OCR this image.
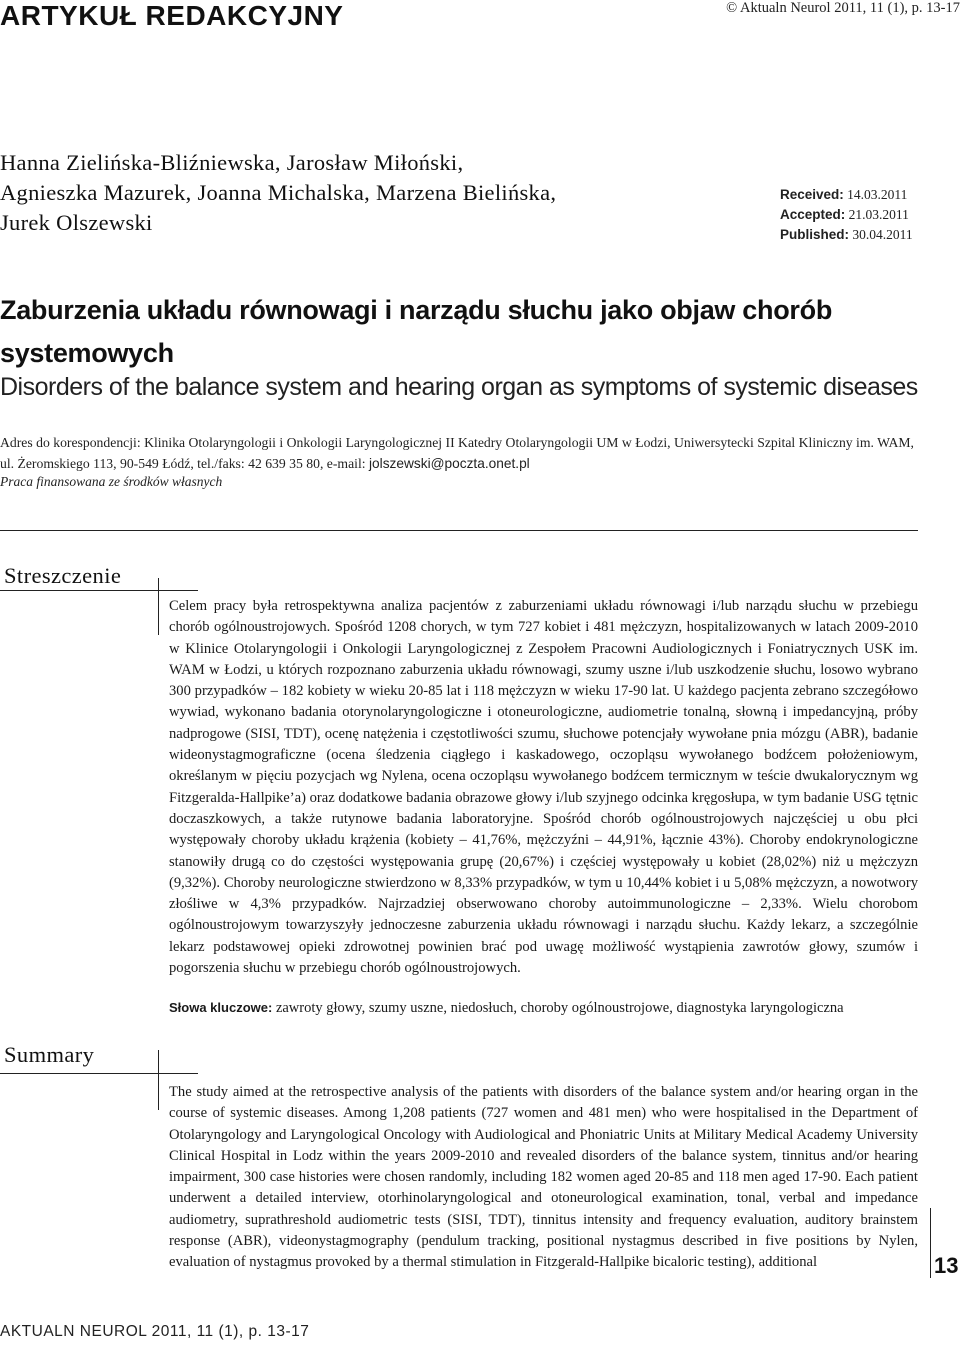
ARTYKUŁ REDAKCYJNY	© Aktualn Neurol 2011, 11 (1), p. 13-17
Hanna Zielińska-Bliźniewska, Jarosław Miłoński,
Agnieszka Mazurek, Joanna Michalska, Marzena Bielińska,
Jurek Olszewski
Received: 14.03.2011
Accepted: 21.03.2011
Published: 30.04.2011
Zaburzenia układu równowagi i narządu słuchu jako objaw chorób systemowych
Disorders of the balance system and hearing organ as symptoms of systemic diseases
Adres do korespondencji: Klinika Otolaryngologii i Onkologii Laryngologicznej II Katedry Otolaryngologii UM w Łodzi, Uniwersytecki Szpital Kliniczny im. WAM, ul. Żeromskiego 113, 90-549 Łódź, tel./faks: 42 639 35 80, e-mail: jolszewski@poczta.onet.pl
Praca finansowana ze środków własnych
Streszczenie
Celem pracy była retrospektywna analiza pacjentów z zaburzeniami układu równowagi i/lub narządu słuchu w przebiegu chorób ogólnoustrojowych. Spośród 1208 chorych, w tym 727 kobiet i 481 mężczyzn, hospitalizowanych w latach 2009-2010 w Klinice Otolaryngologii i Onkologii Laryngologicznej z Zespołem Pracowni Audiologicznych i Foniatrycznych USK im. WAM w Łodzi, u których rozpoznano zaburzenia układu równowagi, szumy uszne i/lub uszkodzenie słuchu, losowo wybrano 300 przypadków – 182 kobiety w wieku 20-85 lat i 118 mężczyzn w wieku 17-90 lat. U każdego pacjenta zebrano szczegółowo wywiad, wykonano badania otorynolaryngologiczne i otoneurologiczne, audiometrie tonalną, słowną i impedancyjną, próby nadprogowe (SISI, TDT), ocenę natężenia i częstotliwości szumu, słuchowe potencjały wywołane pnia mózgu (ABR), badanie wideonystagmograficzne (ocena śledzenia ciągłego i kaskadowego, oczopląsu wywołanego bodźcem położeniowym, określanym w pięciu pozycjach wg Nylena, ocena oczopląsu wywołanego bodźcem termicznym w teście dwukalorycznym wg Fitzgeralda-Hallpike’a) oraz dodatkowe badania obrazowe głowy i/lub szyjnego odcinka kręgosłupa, w tym badanie USG tętnic doczaszkowych, a także rutynowe badania laboratoryjne. Spośród chorób ogólnoustrojowych najczęściej u obu płci występowały choroby układu krążenia (kobiety – 41,76%, mężczyźni – 44,91%, łącznie 43%). Choroby endokrynologiczne stanowiły drugą co do częstości występowania grupę (20,67%) i częściej występowały u kobiet (28,02%) niż u mężczyzn (9,32%). Choroby neurologiczne stwierdzono w 8,33% przypadków, w tym u 10,44% kobiet i u 5,08% mężczyzn, a nowotwory złośliwe w 4,3% przypadków. Najrzadziej obserwowano choroby autoimmunologiczne – 2,33%. Wielu chorobom ogólnoustrojowym towarzyszyły jednoczesne zaburzenia układu równowagi i narządu słuchu. Każdy lekarz, a szczególnie lekarz podstawowej opieki zdrowotnej powinien brać pod uwagę możliwość wystąpienia zawrotów głowy, szumów i pogorszenia słuchu w przebiegu chorób ogólnoustrojowych.
Słowa kluczowe: zawroty głowy, szumy uszne, niedosłuch, choroby ogólnoustrojowe, diagnostyka laryngologiczna
Summary
The study aimed at the retrospective analysis of the patients with disorders of the balance system and/or hearing organ in the course of systemic diseases. Among 1,208 patients (727 women and 481 men) who were hospitalised in the Department of Otolaryngology and Laryngological Oncology with Audiological and Phoniatric Units at Military Medical Academy University Clinical Hospital in Lodz within the years 2009-2010 and revealed disorders of the balance system, tinnitus and/or hearing impairment, 300 case histories were chosen randomly, including 182 women aged 20-85 and 118 men aged 17-90. Each patient underwent a detailed interview, otorhinolaryngological and otoneurological examination, tonal, verbal and impedance audiometry, suprathreshold audiometric tests (SISI, TDT), tinnitus intensity and frequency evaluation, auditory brainstem response (ABR), videonystagmography (pendulum tracking, positional nystagmus described in five positions by Nylen, evaluation of nystagmus provoked by a thermal stimulation in Fitzgerald-Hallpike bicaloric testing), additional	13
AKTUALN NEUROL 2011, 11 (1), p. 13-17
